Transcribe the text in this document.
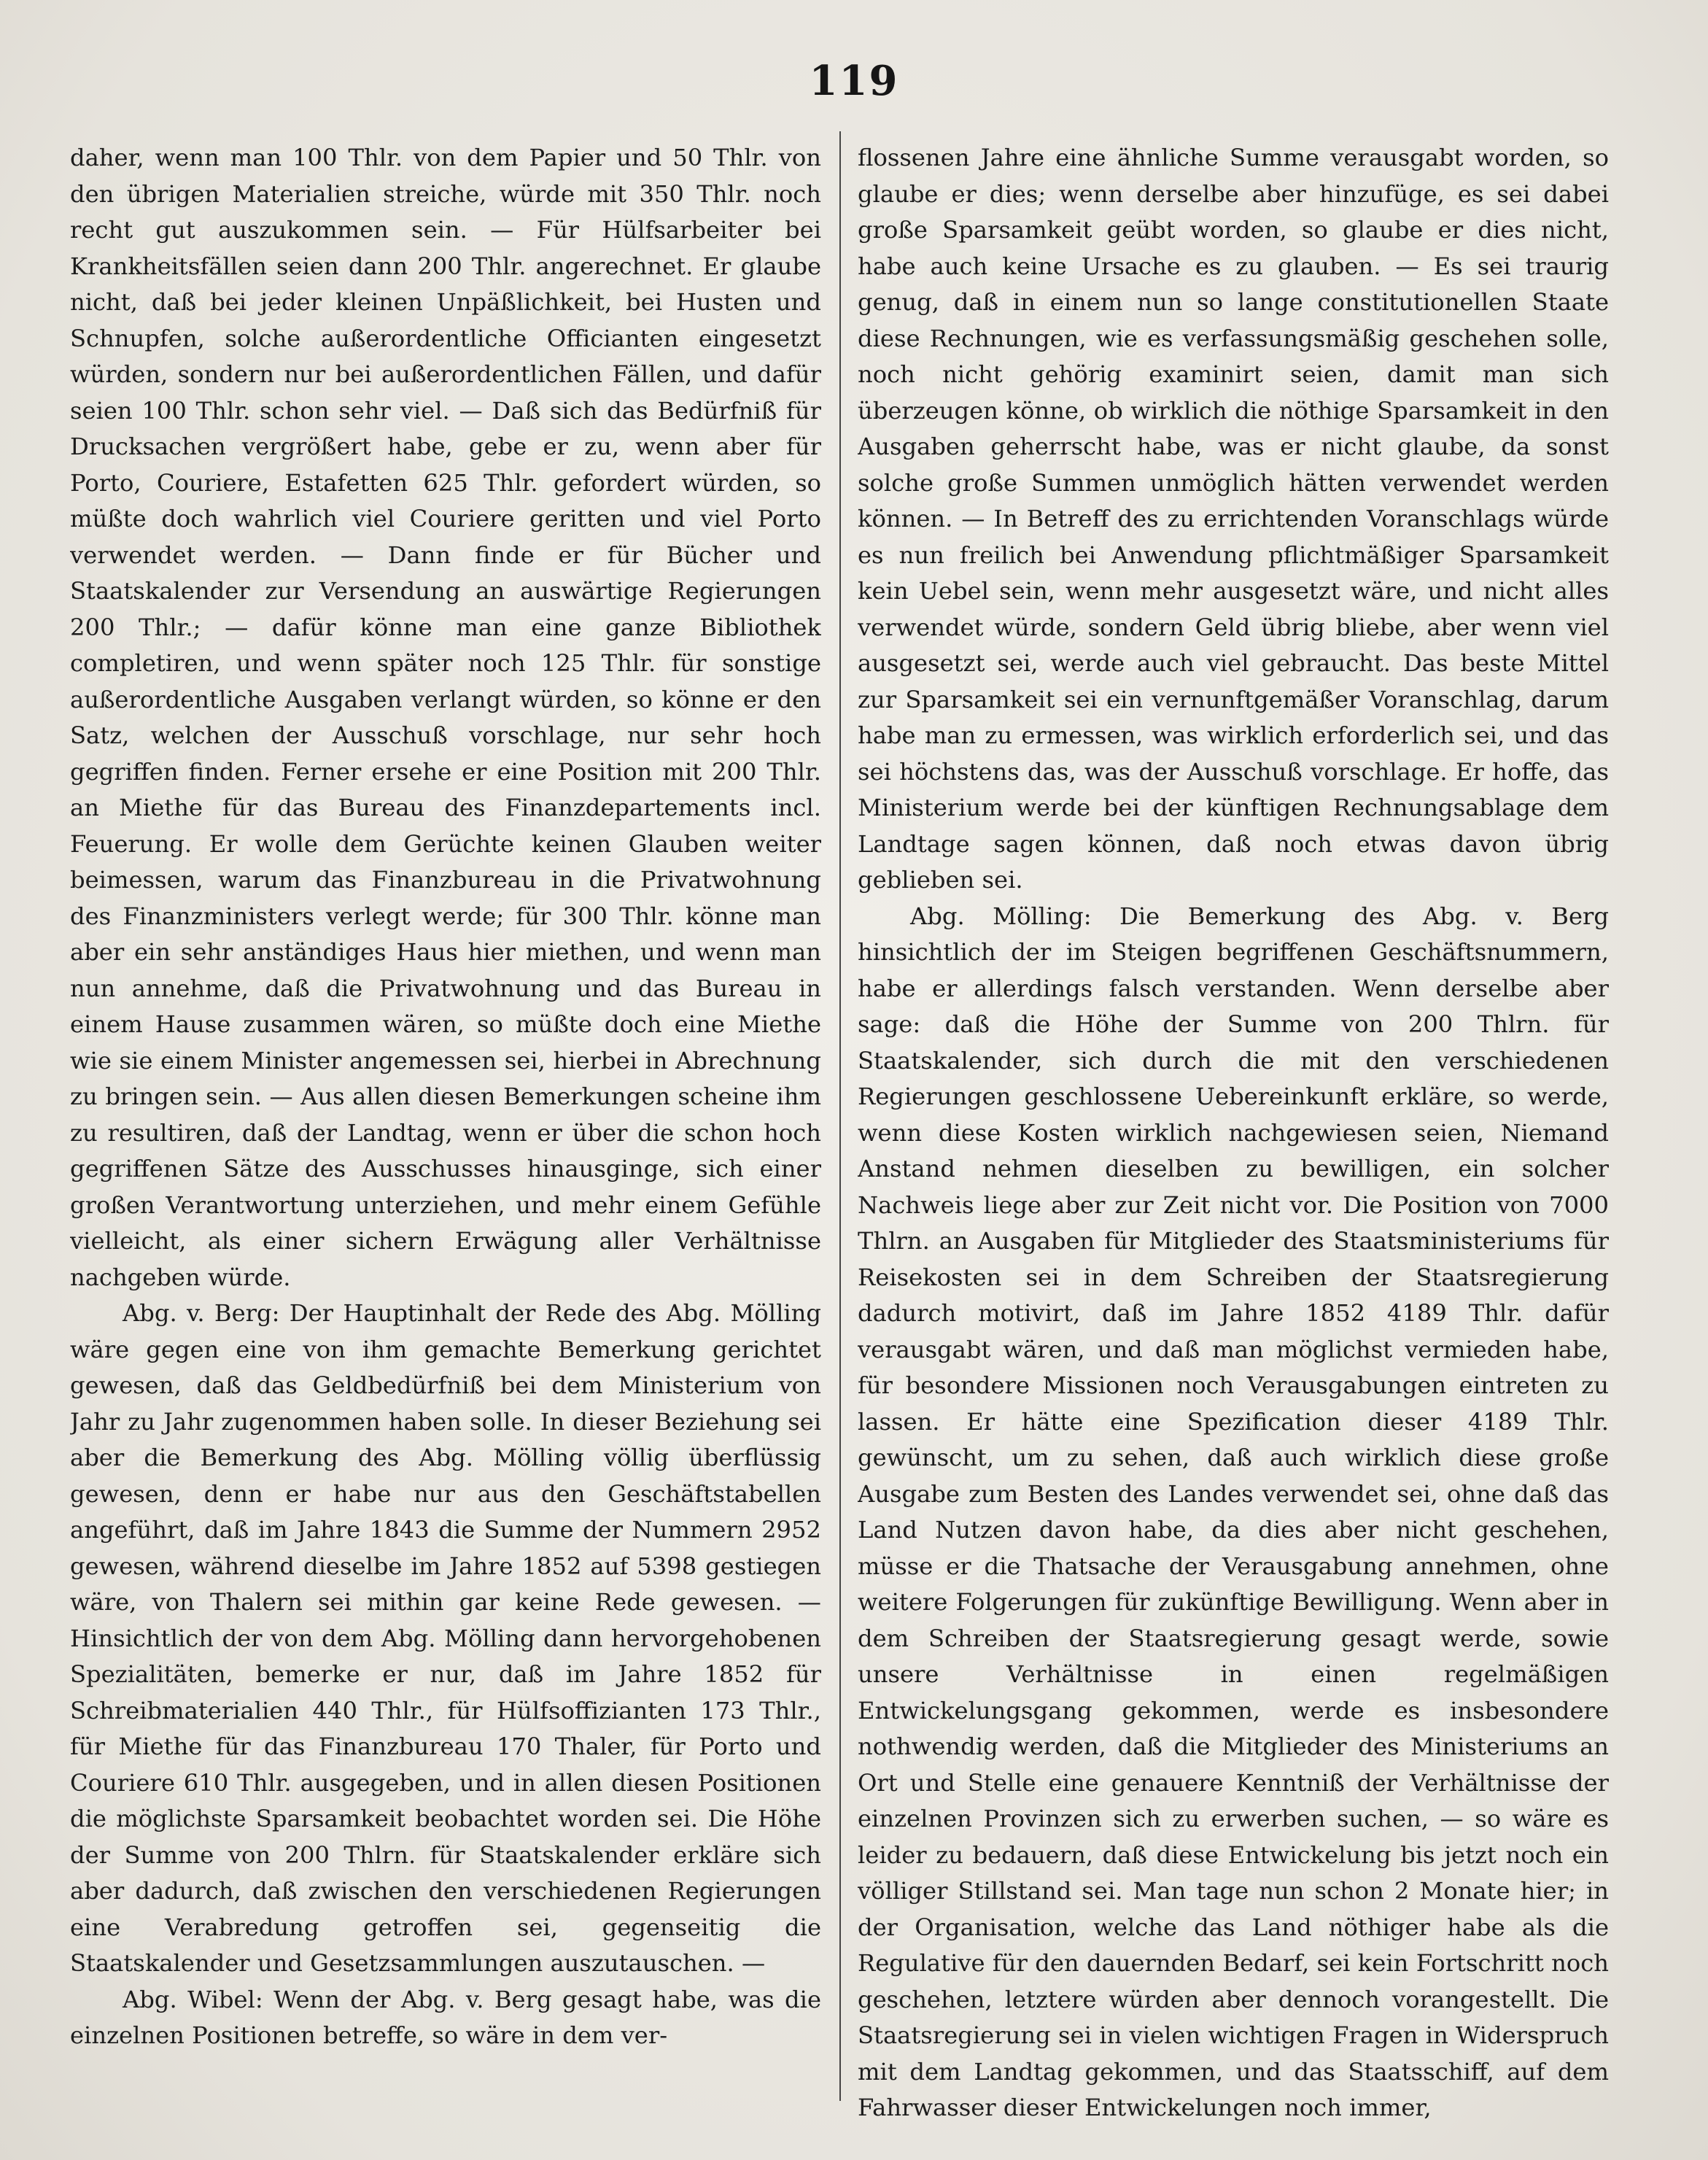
119

daher, wenn man 100 Thlr. von dem Papier und 50 Thlr. von den übrigen Materialien streiche, würde mit 350 Thlr. noch recht gut auszukommen sein. — Für Hülfsarbeiter bei Krankheitsfällen seien dann 200 Thlr. angerechnet. Er glaube nicht, daß bei jeder kleinen Unpäßlichkeit, bei Husten und Schnupfen, solche außerordentliche Officianten eingesetzt würden, sondern nur bei außerordentlichen Fällen, und dafür seien 100 Thlr. schon sehr viel. — Daß sich das Bedürfniß für Drucksachen vergrößert habe, gebe er zu, wenn aber für Porto, Couriere, Estafetten 625 Thlr. gefordert würden, so müßte doch wahrlich viel Couriere geritten und viel Porto verwendet werden. — Dann finde er für Bücher und Staatskalender zur Versendung an auswärtige Regierungen 200 Thlr.; — dafür könne man eine ganze Bibliothek completiren, und wenn später noch 125 Thlr. für sonstige außerordentliche Ausgaben verlangt würden, so könne er den Satz, welchen der Ausschuß vorschlage, nur sehr hoch gegriffen finden. Ferner ersehe er eine Position mit 200 Thlr. an Miethe für das Bureau des Finanzdepartements incl. Feuerung. Er wolle dem Gerüchte keinen Glauben weiter beimessen, warum das Finanzbureau in die Privatwohnung des Finanzministers verlegt werde; für 300 Thlr. könne man aber ein sehr anständiges Haus hier miethen, und wenn man nun annehme, daß die Privatwohnung und das Bureau in einem Hause zusammen wären, so müßte doch eine Miethe wie sie einem Minister angemessen sei, hierbei in Abrechnung zu bringen sein. — Aus allen diesen Bemerkungen scheine ihm zu resultiren, daß der Landtag, wenn er über die schon hoch gegriffenen Sätze des Ausschusses hinausginge, sich einer großen Verantwortung unterziehen, und mehr einem Gefühle vielleicht, als einer sichern Erwägung aller Verhältnisse nachgeben würde.

Abg. v. Berg: Der Hauptinhalt der Rede des Abg. Mölling wäre gegen eine von ihm gemachte Bemerkung gerichtet gewesen, daß das Geldbedürfniß bei dem Ministerium von Jahr zu Jahr zugenommen haben solle. In dieser Beziehung sei aber die Bemerkung des Abg. Mölling völlig überflüssig gewesen, denn er habe nur aus den Geschäftstabellen angeführt, daß im Jahre 1843 die Summe der Nummern 2952 gewesen, während dieselbe im Jahre 1852 auf 5398 gestiegen wäre, von Thalern sei mithin gar keine Rede gewesen. — Hinsichtlich der von dem Abg. Mölling dann hervorgehobenen Spezialitäten, bemerke er nur, daß im Jahre 1852 für Schreibmaterialien 440 Thlr., für Hülfsoffizianten 173 Thlr., für Miethe für das Finanzbureau 170 Thaler, für Porto und Couriere 610 Thlr. ausgegeben, und in allen diesen Positionen die möglichste Sparsamkeit beobachtet worden sei. Die Höhe der Summe von 200 Thlrn. für Staatskalender erkläre sich aber dadurch, daß zwischen den verschiedenen Regierungen eine Verabredung getroffen sei, gegenseitig die Staatskalender und Gesetzsammlungen auszutauschen. —

Abg. Wibel: Wenn der Abg. v. Berg gesagt habe, was die einzelnen Positionen betreffe, so wäre in dem ver-

flossenen Jahre eine ähnliche Summe verausgabt worden, so glaube er dies; wenn derselbe aber hinzufüge, es sei dabei große Sparsamkeit geübt worden, so glaube er dies nicht, habe auch keine Ursache es zu glauben. — Es sei traurig genug, daß in einem nun so lange constitutionellen Staate diese Rechnungen, wie es verfassungsmäßig geschehen solle, noch nicht gehörig examinirt seien, damit man sich überzeugen könne, ob wirklich die nöthige Sparsamkeit in den Ausgaben geherrscht habe, was er nicht glaube, da sonst solche große Summen unmöglich hätten verwendet werden können. — In Betreff des zu errichtenden Voranschlags würde es nun freilich bei Anwendung pflichtmäßiger Sparsamkeit kein Uebel sein, wenn mehr ausgesetzt wäre, und nicht alles verwendet würde, sondern Geld übrig bliebe, aber wenn viel ausgesetzt sei, werde auch viel gebraucht. Das beste Mittel zur Sparsamkeit sei ein vernunftgemäßer Voranschlag, darum habe man zu ermessen, was wirklich erforderlich sei, und das sei höchstens das, was der Ausschuß vorschlage. Er hoffe, das Ministerium werde bei der künftigen Rechnungsablage dem Landtage sagen können, daß noch etwas davon übrig geblieben sei.

Abg. Mölling: Die Bemerkung des Abg. v. Berg hinsichtlich der im Steigen begriffenen Geschäftsnummern, habe er allerdings falsch verstanden. Wenn derselbe aber sage: daß die Höhe der Summe von 200 Thlrn. für Staatskalender, sich durch die mit den verschiedenen Regierungen geschlossene Uebereinkunft erkläre, so werde, wenn diese Kosten wirklich nachgewiesen seien, Niemand Anstand nehmen dieselben zu bewilligen, ein solcher Nachweis liege aber zur Zeit nicht vor. Die Position von 7000 Thlrn. an Ausgaben für Mitglieder des Staatsministeriums für Reisekosten sei in dem Schreiben der Staatsregierung dadurch motivirt, daß im Jahre 1852 4189 Thlr. dafür verausgabt wären, und daß man möglichst vermieden habe, für besondere Missionen noch Verausgabungen eintreten zu lassen. Er hätte eine Spezification dieser 4189 Thlr. gewünscht, um zu sehen, daß auch wirklich diese große Ausgabe zum Besten des Landes verwendet sei, ohne daß das Land Nutzen davon habe, da dies aber nicht geschehen, müsse er die Thatsache der Verausgabung annehmen, ohne weitere Folgerungen für zukünftige Bewilligung. Wenn aber in dem Schreiben der Staatsregierung gesagt werde, sowie unsere Verhältnisse in einen regelmäßigen Entwickelungsgang gekommen, werde es insbesondere nothwendig werden, daß die Mitglieder des Ministeriums an Ort und Stelle eine genauere Kenntniß der Verhältnisse der einzelnen Provinzen sich zu erwerben suchen, — so wäre es leider zu bedauern, daß diese Entwickelung bis jetzt noch ein völliger Stillstand sei. Man tage nun schon 2 Monate hier; in der Organisation, welche das Land nöthiger habe als die Regulative für den dauernden Bedarf, sei kein Fortschritt noch geschehen, letztere würden aber dennoch vorangestellt. Die Staatsregierung sei in vielen wichtigen Fragen in Widerspruch mit dem Landtag gekommen, und das Staatsschiff, auf dem Fahrwasser dieser Entwickelungen noch immer,
